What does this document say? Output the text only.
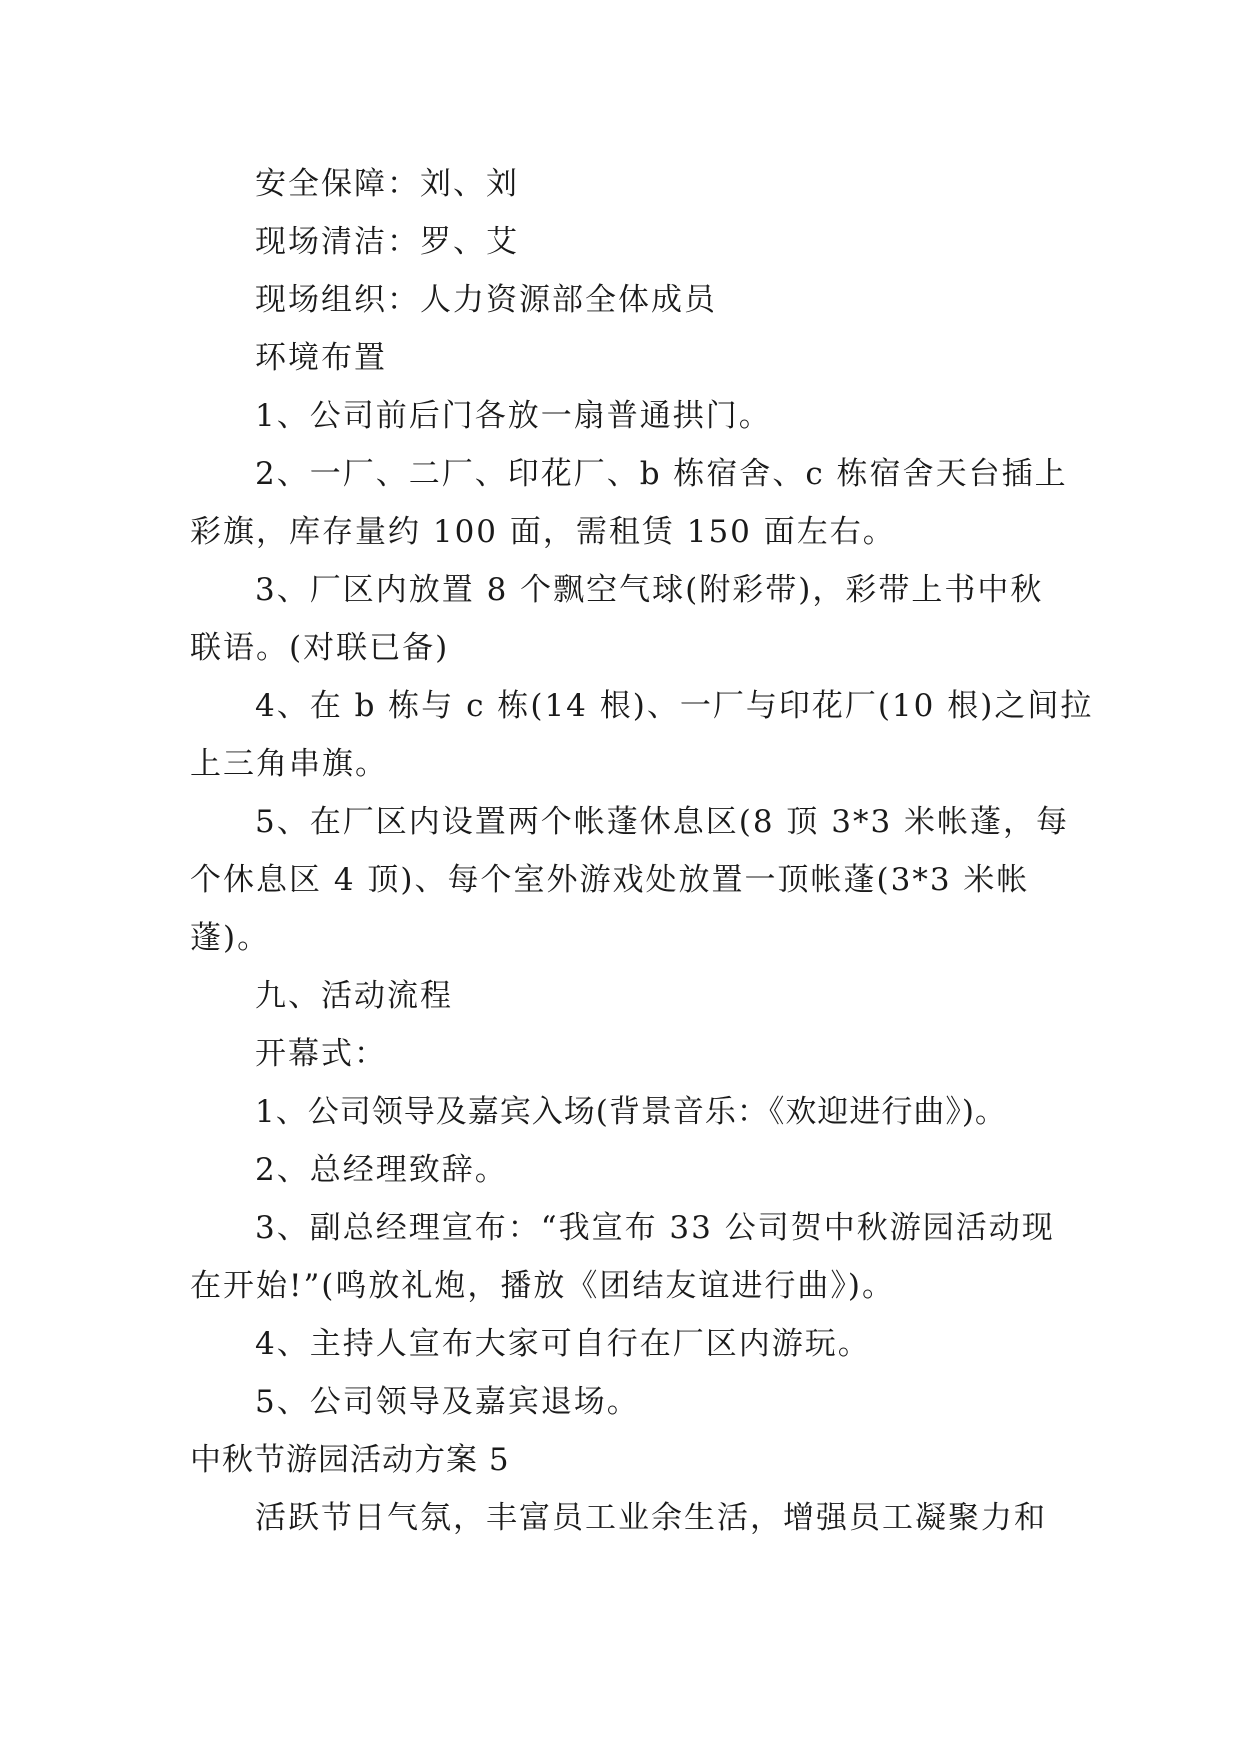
安全保障：刘、刘
现场清洁：罗、艾
现场组织：人力资源部全体成员
环境布置
1、公司前后门各放一扇普通拱门。
2、一厂、二厂、印花厂、b 栋宿舍、c 栋宿舍天台插上
彩旗，库存量约 100 面，需租赁 150 面左右。
3、厂区内放置 8 个飘空气球(附彩带)，彩带上书中秋
联语。(对联已备)
4、在 b 栋与 c 栋(14 根)、一厂与印花厂(10 根)之间拉
上三角串旗。
5、在厂区内设置两个帐蓬休息区(8 顶 3*3 米帐蓬，每
个休息区 4 顶)、每个室外游戏处放置一顶帐蓬(3*3 米帐
蓬)。
九、活动流程
开幕式：
1、公司领导及嘉宾入场(背景音乐：《欢迎进行曲》)。
2、总经理致辞。
3、副总经理宣布：“我宣布 33 公司贺中秋游园活动现
在开始!”(鸣放礼炮，播放《团结友谊进行曲》)。
4、主持人宣布大家可自行在厂区内游玩。
5、公司领导及嘉宾退场。
中秋节游园活动方案 5
活跃节日气氛，丰富员工业余生活，增强员工凝聚力和
